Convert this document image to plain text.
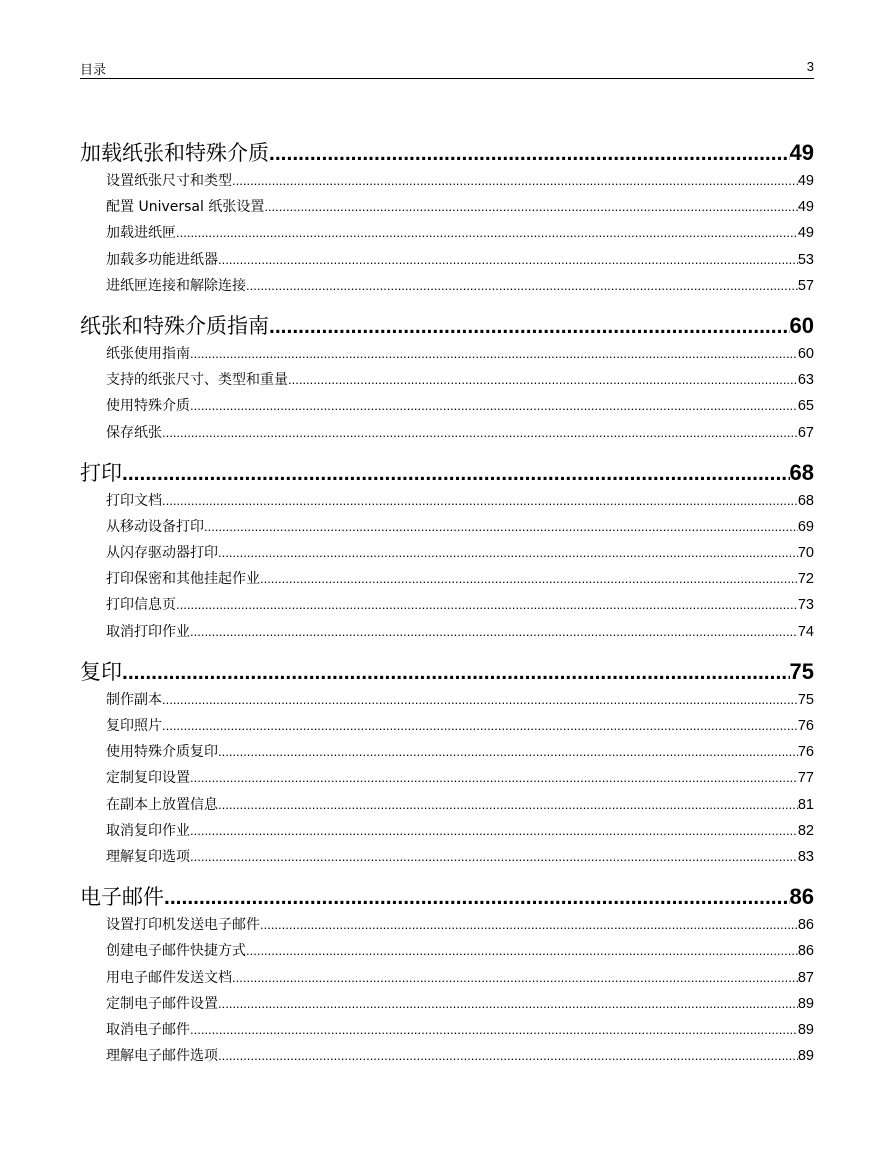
目录	3
加载纸张和特殊介质 .....	49
设置纸张尺寸和类型 .....	49
配置 Universal 纸张设置 .....	49
加载进纸匣 .....	49
加载多功能进纸器 .....	53
进纸匣连接和解除连接 .....	57
纸张和特殊介质指南 .....	60
纸张使用指南 .....	60
支持的纸张尺寸、类型和重量 .....	63
使用特殊介质 .....	65
保存纸张 .....	67
打印 .....	68
打印文档 .....	68
从移动设备打印 .....	69
从闪存驱动器打印 .....	70
打印保密和其他挂起作业 .....	72
打印信息页 .....	73
取消打印作业 .....	74
复印 .....	75
制作副本 .....	75
复印照片 .....	76
使用特殊介质复印 .....	76
定制复印设置 .....	77
在副本上放置信息 .....	81
取消复印作业 .....	82
理解复印选项 .....	83
电子邮件 .....	86
设置打印机发送电子邮件 .....	86
创建电子邮件快捷方式 .....	86
用电子邮件发送文档 .....	87
定制电子邮件设置 .....	89
取消电子邮件 .....	89
理解电子邮件选项 .....	89
